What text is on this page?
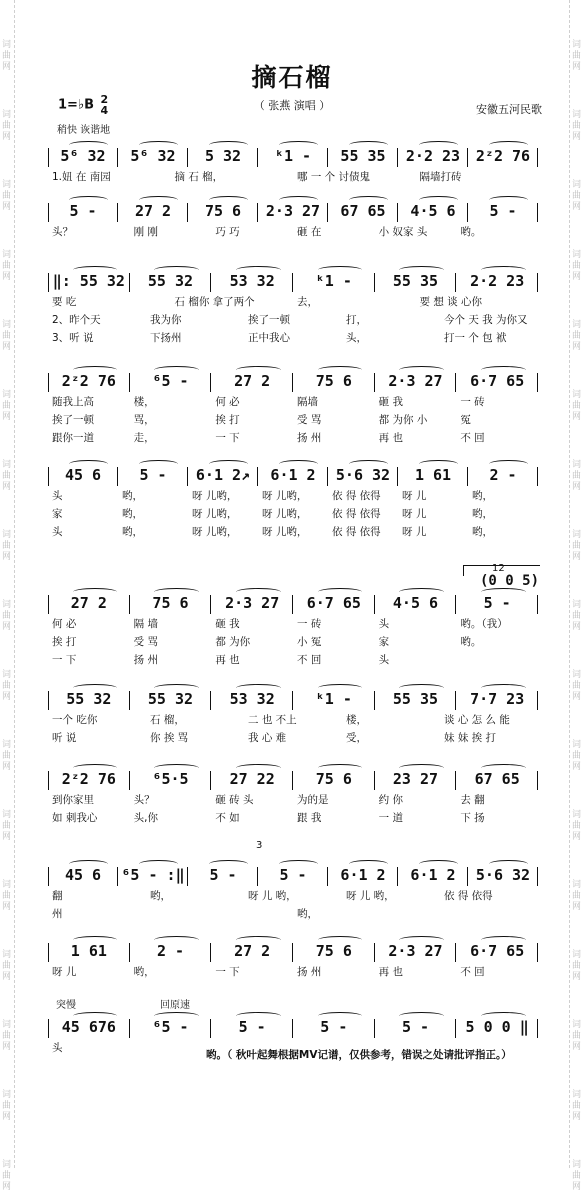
词
曲
网
词
曲
网
词
曲
网
词
曲
网
词
曲
网
词
曲
网
词
曲
网
词
曲
网
词
曲
网
词
曲
网
词
曲
网
词
曲
网
词
曲
网
词
曲
网
词
曲
网
词
曲
网
词
曲
网
词
曲
网
词
曲
网
词
曲
网
词
曲
网
词
曲
网
词
曲
网
词
曲
网
词
曲
网
词
曲
网
词
曲
网
词
曲
网
词
曲
网
词
曲
网
词
曲
网
词
曲
网
词
曲
网
词
曲
网
摘石榴
（ 张燕 演唱 ）	安徽五河民歌
1=♭B 2
4
稍快 诙谐地
5⁶ 32	5⁶ 32	5 32	ᵏ1 -	55 35	2·2 23	2ᶻ2 76
1.妞 在 南园	摘 石 榴，	哪 一 个 讨债鬼	隔墙打砖
5 -	27 2	75 6	2·3 27	67 65	4·5 6	5 -
头？	刚 刚	巧 巧	砸 在	小 奴家 头	哟。
‖: 55 32	55 32	53 32	ᵏ1 -	55 35	2·2 23
要 吃	石 榴你 拿了两个	去，	要 想 谈 心你
2、昨个天	我为你	挨了一顿	打，	今个 天 我 为你又
3、听 说	下扬州	正中我心	头，	打一 个 包 袱
2ᶻ2 76	⁶5 -	27 2	75 6	2·3 27	6·7 65
随我上高	楼，	何 必	隔墙	砸 我	一 砖
挨了一顿	骂，	挨 打	受 骂	都 为你 小	冤
跟你一道	走，	一 下	扬 州	再 也	不 回
45 6	5 -	6·1 2↗	6·1 2	5·6 32	1 61	2 -
头	哟，	呀 儿哟， 呀 儿哟， 依 得 依得 呀 儿	哟，
家	哟，	呀 儿哟， 呀 儿哟， 依 得 依得 呀 儿	哟，
头	哟，	呀 儿哟， 呀 儿哟， 依 得 依得 呀 儿	哟，
27 2	75 6	2·3 27	6·7 65	4·5 6	5 -
何 必	隔 墙	砸 我	一 砖	头	哟。（我）
挨 打	受 骂	都 为你	小 冤	家	哟。
一 下	扬 州	再 也	不 回	头
55 32	55 32	53 32	ᵏ1 -	55 35	7·7 23
一个 吃你	石 榴，	二 也 不上	楼，	谈 心 怎 么 能
听 说	你 挨 骂	我 心 难	受，	妹 妹 挨 打
2ᶻ2 76	⁶5·5	27 22	75 6	23 27	67 65
到你家里	头？	砸 砖 头	为的是	约 你	去 翻
如 刺我心	头,你	不 如	跟 我	一 道	下 扬
45 6	⁶5 - :‖	5 -	5 -	6·1 2	6·1 2	5·6 32
翻	哟，	呀 儿 哟，	呀 儿 哟，	依 得 依得
州	哟，
1 61	2 -	27 2	75 6	2·3 27	6·7 65
呀 儿	哟，	一 下	扬 州	再 也	不 回
45 676	⁶5 -	5 -	5 -	5 -	5 0 0 ‖
头
12
(0 0 5)
3
突慢	回原速
哟。（ 秋叶起舞根据MV记谱，仅供参考，错误之处请批评指正。）
